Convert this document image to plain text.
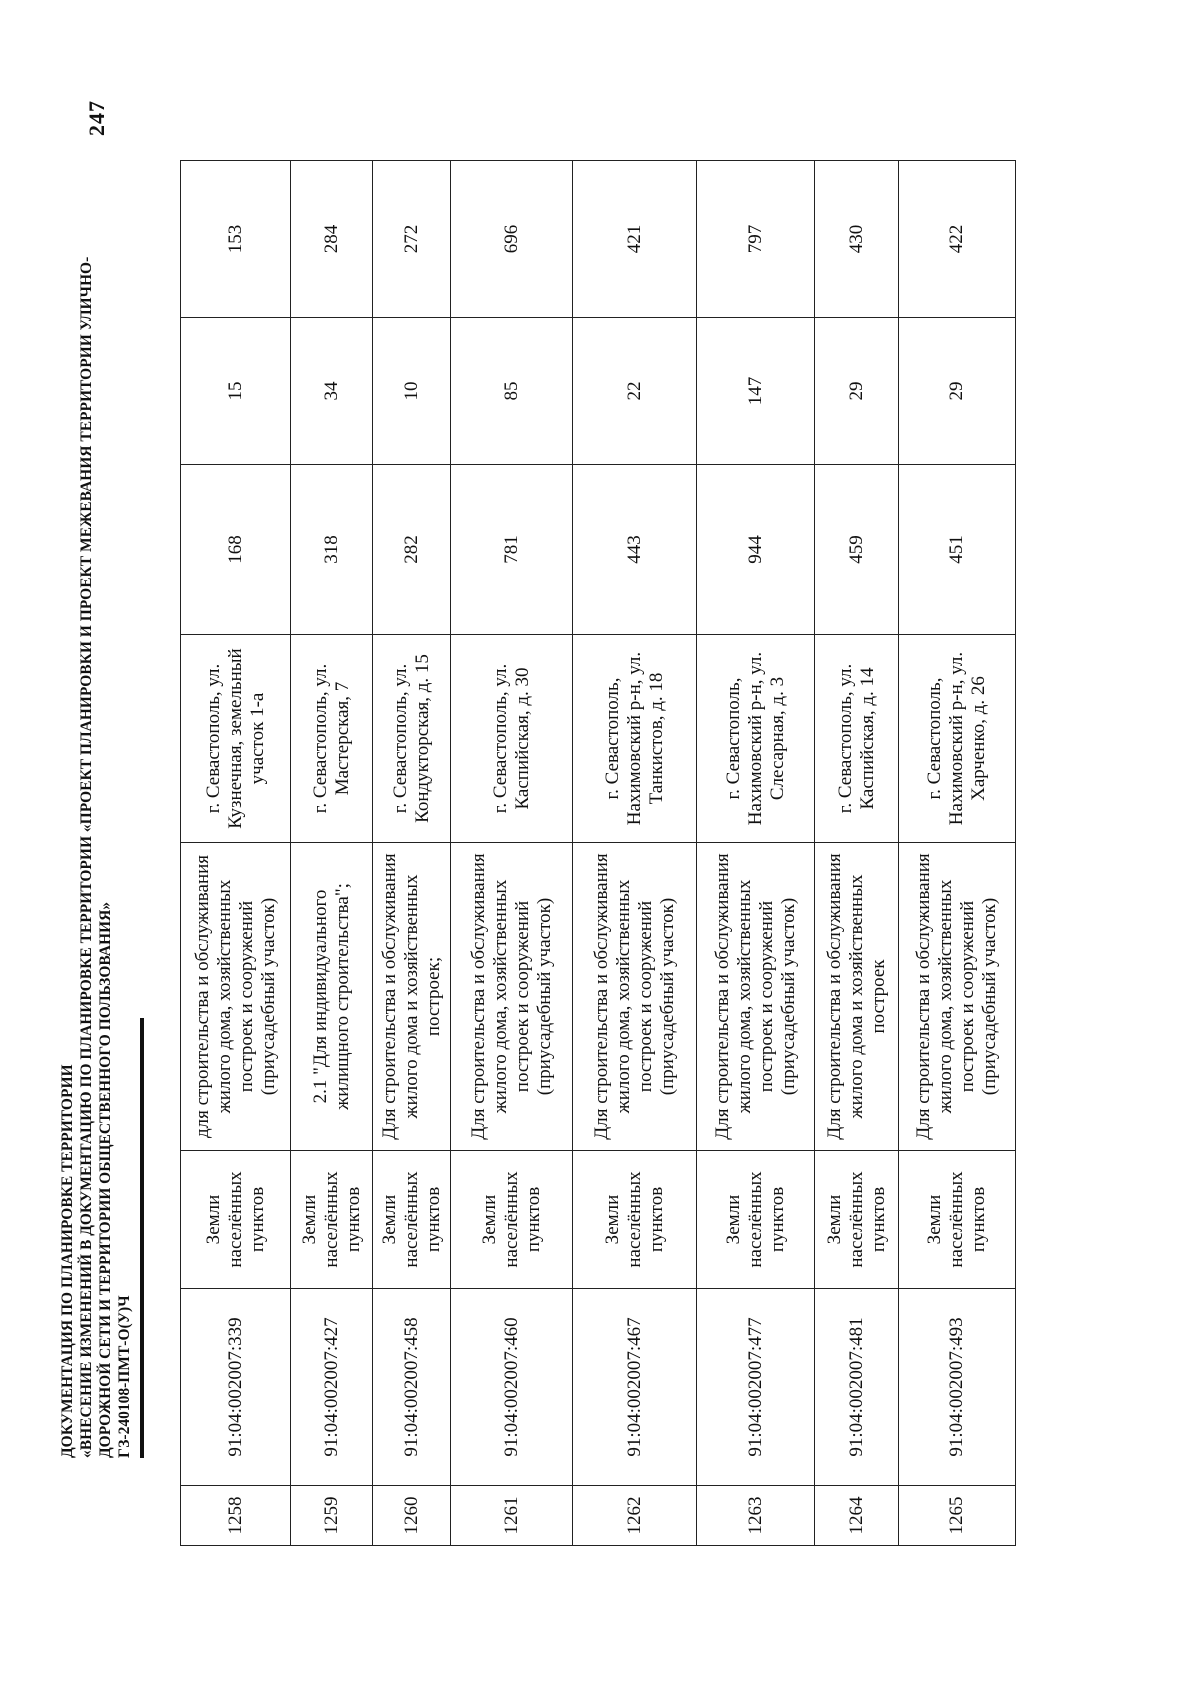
247
ДОКУМЕНТАЦИЯ ПО ПЛАНИРОВКЕ ТЕРРИТОРИИ «ВНЕСЕНИЕ ИЗМЕНЕНИЙ В ДОКУМЕНТАЦИЮ ПО ПЛАНИРОВКЕ ТЕРРИТОРИИ «ПРОЕКТ ПЛАНИРОВКИ И ПРОЕКТ МЕЖЕВАНИЯ ТЕРРИТОРИИ УЛИЧНО- ДОРОЖНОЙ СЕТИ И ТЕРРИТОРИИ ОБЩЕСТВЕННОГО ПОЛЬЗОВАНИЯ» ГЗ-240108-ПМТ-О(У)Ч
1258	91:04:002007:339	Земли населённых пунктов	для строительства и обслуживания жилого дома, хозяйственных построек и сооружений (приусадебный участок)	г. Севастополь, ул. Кузнечная, земельный участок 1-а	168	15	153
1259	91:04:002007:427	Земли населённых пунктов	2.1 "Для индивидуального жилищного строительства";	г. Севастополь, ул. Мастерская, 7	318	34	284
1260	91:04:002007:458	Земли населённых пунктов	Для строительства и обслуживания жилого дома и хозяйственных построек;	г. Севастополь, ул. Кондукторская, д. 15	282	10	272
1261	91:04:002007:460	Земли населённых пунктов	Для строительства и обслуживания жилого дома, хозяйственных построек и сооружений (приусадебный участок)	г. Севастополь, ул. Каспийская, д. 30	781	85	696
1262	91:04:002007:467	Земли населённых пунктов	Для строительства и обслуживания жилого дома, хозяйственных построек и сооружений (приусадебный участок)	г. Севастополь, Нахимовский р-н, ул. Танкистов, д. 18	443	22	421
1263	91:04:002007:477	Земли населённых пунктов	Для строительства и обслуживания жилого дома, хозяйственных построек и сооружений (приусадебный участок)	г. Севастополь, Нахимовский р-н, ул. Слесарная, д. 3	944	147	797
1264	91:04:002007:481	Земли населённых пунктов	Для строительства и обслуживания жилого дома и хозяйственных построек	г. Севастополь, ул. Каспийская, д. 14	459	29	430
1265	91:04:002007:493	Земли населённых пунктов	Для строительства и обслуживания жилого дома, хозяйственных построек и сооружений (приусадебный участок)	г. Севастополь, Нахимовский р-н, ул. Харченко, д. 26	451	29	422
